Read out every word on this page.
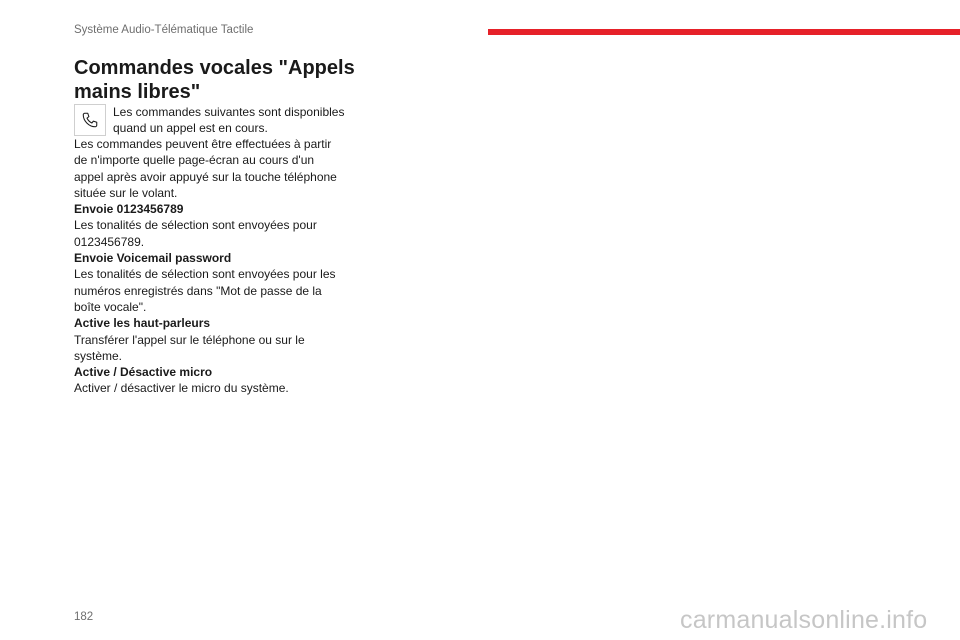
Système Audio-Télématique Tactile
Commandes vocales "Appels mains libres"
Les commandes suivantes sont disponibles quand un appel est en cours.

Les commandes peuvent être effectuées à partir de n'importe quelle page-écran au cours d'un appel après avoir appuyé sur la touche téléphone située sur le volant.

Envoie 0123456789

Les tonalités de sélection sont envoyées pour 0123456789.

Envoie Voicemail password

Les tonalités de sélection sont envoyées pour les numéros enregistrés dans "Mot de passe de la boîte vocale".

Active les haut-parleurs

Transférer l'appel sur le téléphone ou sur le système.

Active / Désactive micro

Activer / désactiver le micro du système.

182	carmanualsonline.info
